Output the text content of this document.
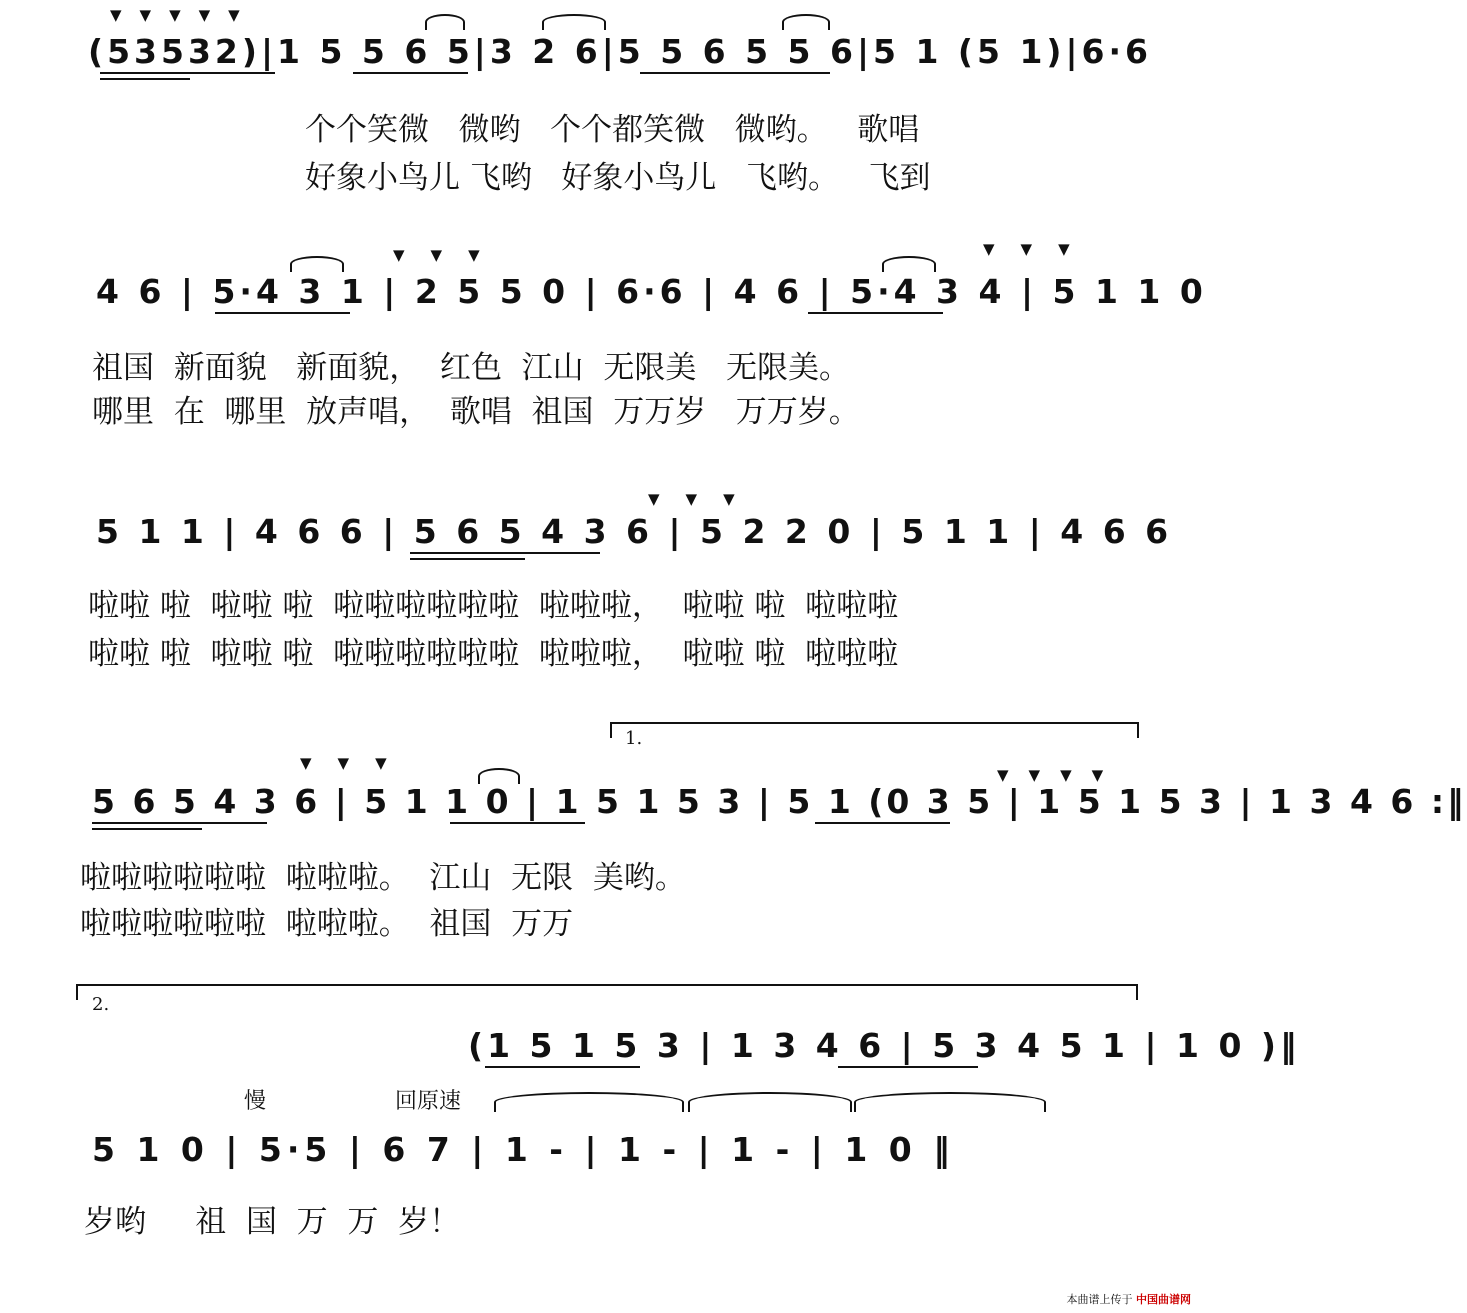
(53532)|1 5 5 6 5|3 2 6|5 5 6 5 5 6|5 1 (5 1)|6·6
▼▼▼▼▼
个个笑微   微哟   个个都笑微   微哟。   歌唱
好象小鸟儿 飞哟   好象小鸟儿   飞哟。   飞到
4 6 | 5·4 3 1 | 2 5 5 0 | 6·6 | 4 6 | 5·4 3 4 | 5 1 1 0
▼▼▼	▼▼▼
祖国  新面貌   新面貌，  红色  江山  无限美   无限美。
哪里  在  哪里  放声唱，  歌唱  祖国  万万岁   万万岁。
5 1 1 | 4 6 6 | 5 6 5 4 3 6 | 5 2 2 0 | 5 1 1 | 4 6 6
▼▼▼
啦啦 啦  啦啦 啦  啦啦啦啦啦啦  啦啦啦，  啦啦 啦  啦啦啦
啦啦 啦  啦啦 啦  啦啦啦啦啦啦  啦啦啦，  啦啦 啦  啦啦啦
1.
5 6 5 4 3 6 | 5 1 1 0 | 1 5 1 5 3 | 5 1 (0 3 5 | 1 5 1 5 3 | 1 3 4 6 :‖
▼▼▼
▼▼▼▼
啦啦啦啦啦啦  啦啦啦。  江山  无限  美哟。
啦啦啦啦啦啦  啦啦啦。  祖国  万万
2.
(1 5 1 5 3 | 1 3 4 6 | 5 3 4 5 1 | 1 0 )‖
慢	回原速
5 1 0 | 5·5 | 6 7 | 1 - | 1 - | 1 - | 1 0 ‖
岁哟     祖  国  万  万  岁！
本曲谱上传于 中国曲谱网
